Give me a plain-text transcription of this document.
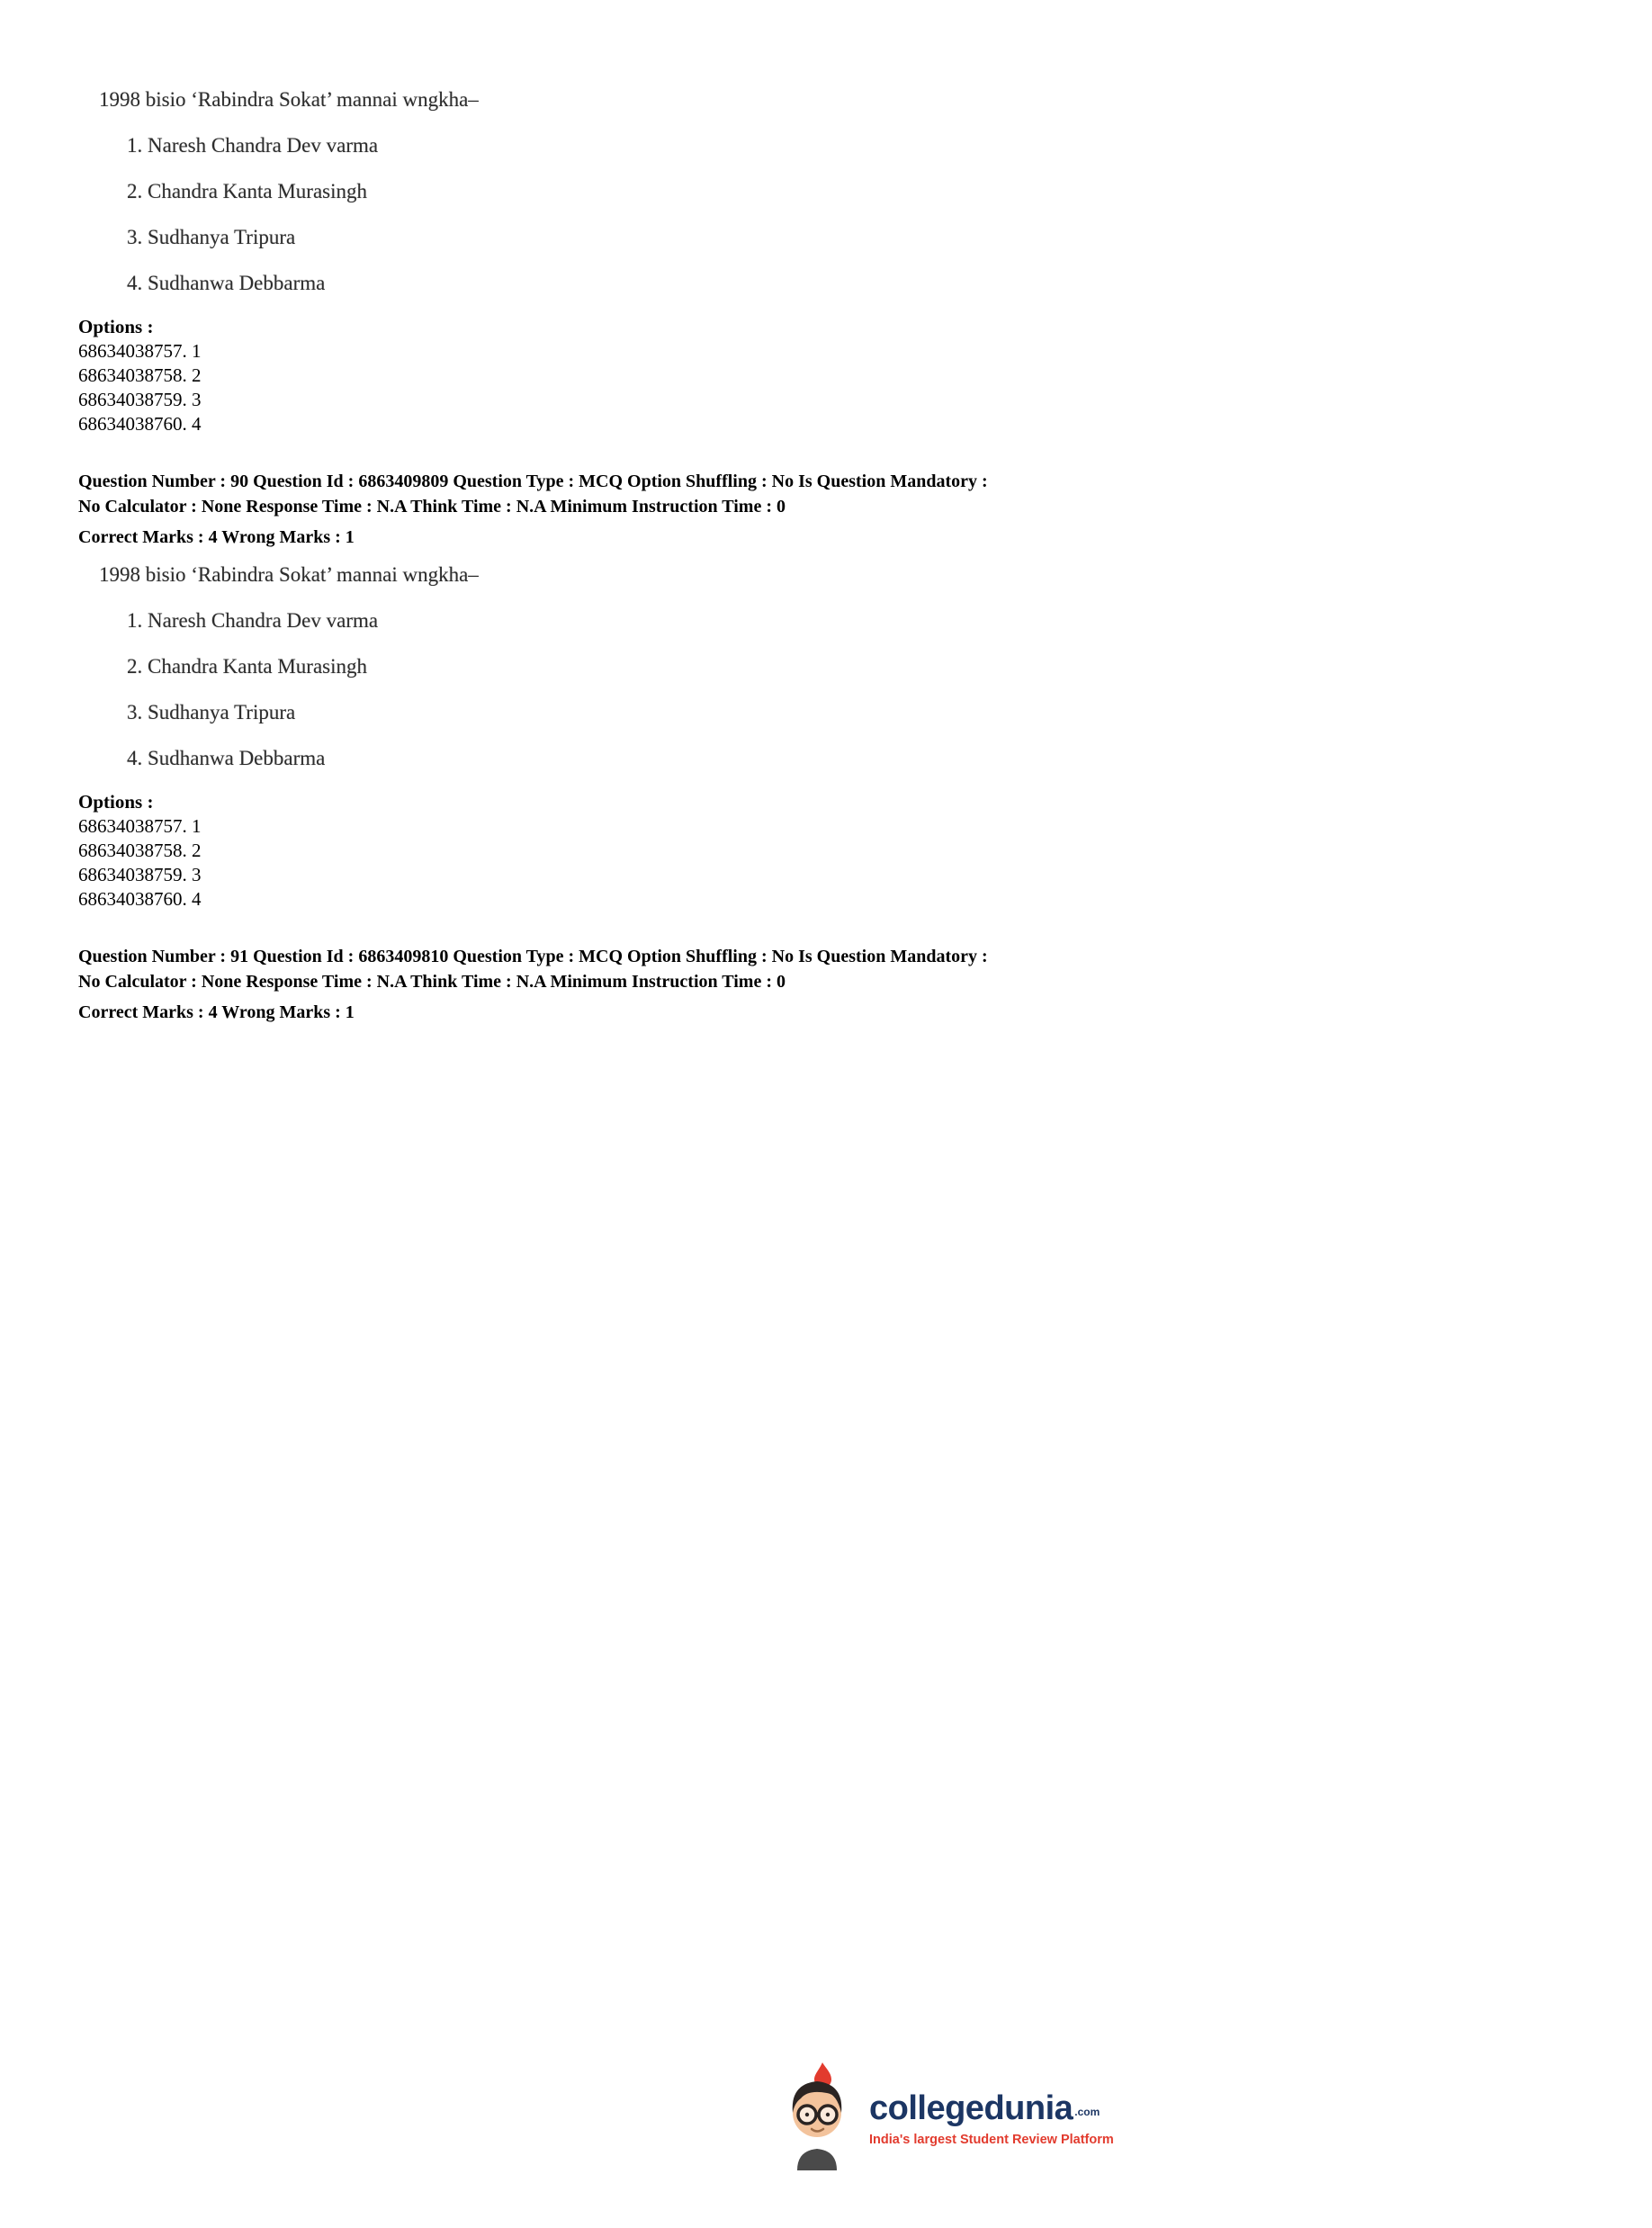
1998 bisio ‘Rabindra Sokat’ mannai wngkha–

1. Naresh Chandra Dev varma
2. Chandra Kanta Murasingh
3. Sudhanya Tripura
4. Sudhanwa Debbarma

Options :

68634038757. 1
68634038758. 2
68634038759. 3
68634038760. 4

Question Number : 90 Question Id : 6863409809 Question Type : MCQ Option Shuffling : No Is Question Mandatory :

No Calculator : None Response Time : N.A Think Time : N.A Minimum Instruction Time : 0

Correct Marks : 4 Wrong Marks : 1

1998 bisio ‘Rabindra Sokat’ mannai wngkha–

1. Naresh Chandra Dev varma
2. Chandra Kanta Murasingh
3. Sudhanya Tripura
4. Sudhanwa Debbarma

Options :

68634038757. 1
68634038758. 2
68634038759. 3
68634038760. 4

Question Number : 91 Question Id : 6863409810 Question Type : MCQ Option Shuffling : No Is Question Mandatory :

No Calculator : None Response Time : N.A Think Time : N.A Minimum Instruction Time : 0

Correct Marks : 4 Wrong Marks : 1

collegedunia .com
India's largest Student Review Platform
